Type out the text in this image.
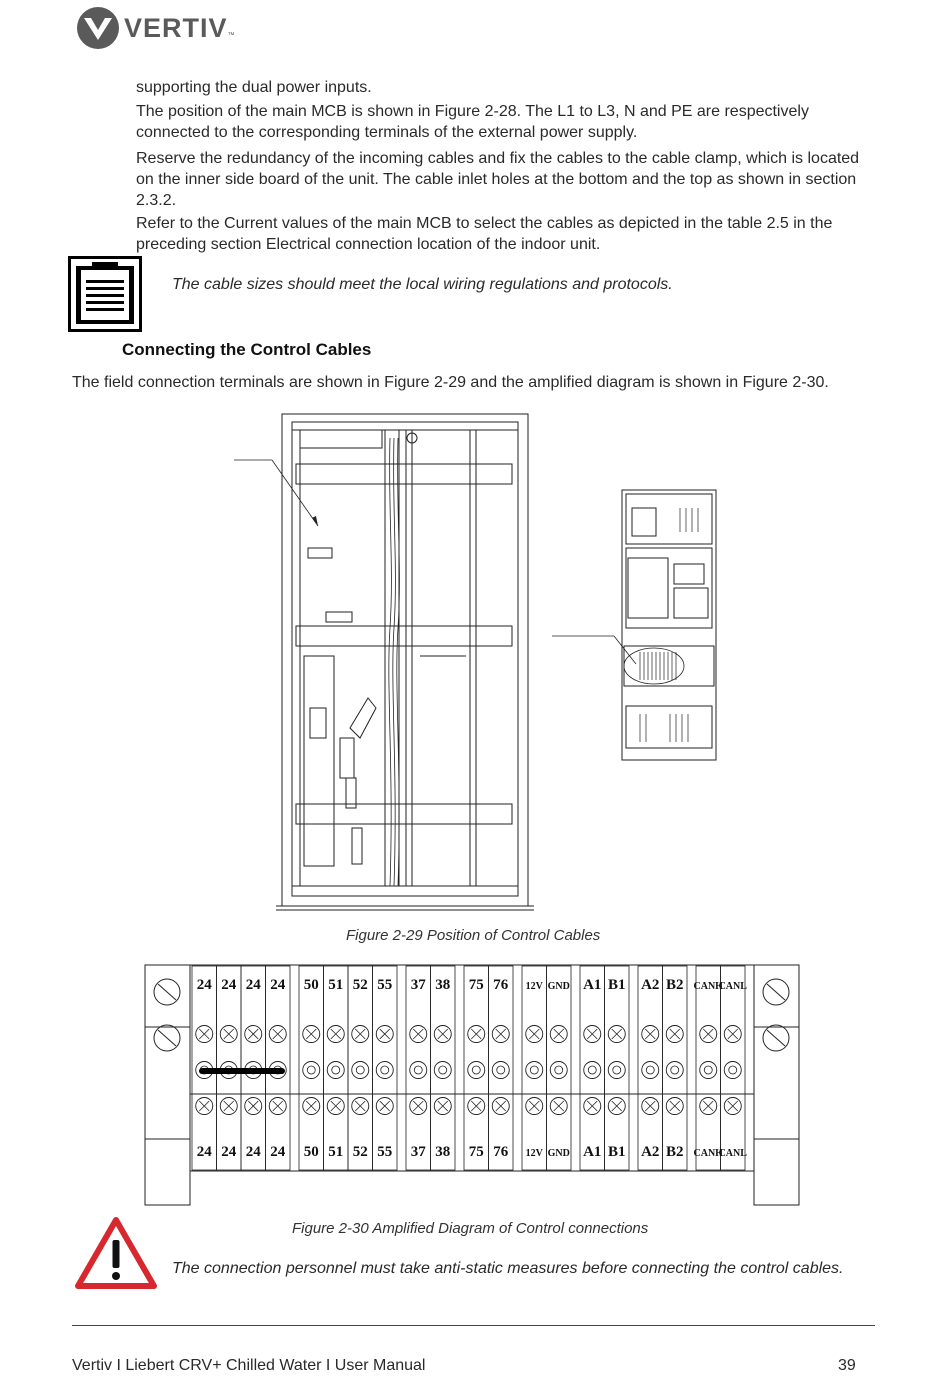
VERTIV™
supporting the dual power inputs.
The position of the main MCB is shown in Figure 2-28. The L1 to L3, N and PE are respectively connected to the corresponding terminals of the external power supply.
Reserve the redundancy of the incoming cables and fix the cables to the cable clamp, which is located on the inner side board of the unit. The cable inlet holes at the bottom and the top as shown in section 2.3.2.
Refer to the Current values of the main MCB to select the cables as depicted in the table 2.5 in the preceding section Electrical connection location of the indoor unit.
The cable sizes should meet the local wiring regulations and protocols.
Connecting the Control Cables
The field connection terminals are shown in Figure 2-29 and the amplified diagram is shown in Figure 2-30.
Figure 2-29 Position of Control Cables
24
24
24
24
24
24
24
24
50
50
51
51
52
52
55
55
37
37
38
38
75
75
76
76
12V
12V
GND
GND
A1
A1
B1
B1
A2
A2
B2
B2
CANH
CANH
CANL
CANL
Figure 2-30 Amplified Diagram of Control connections
The connection personnel must take anti-static measures before connecting the control cables.
Vertiv I Liebert CRV+ Chilled Water I User Manual	39
